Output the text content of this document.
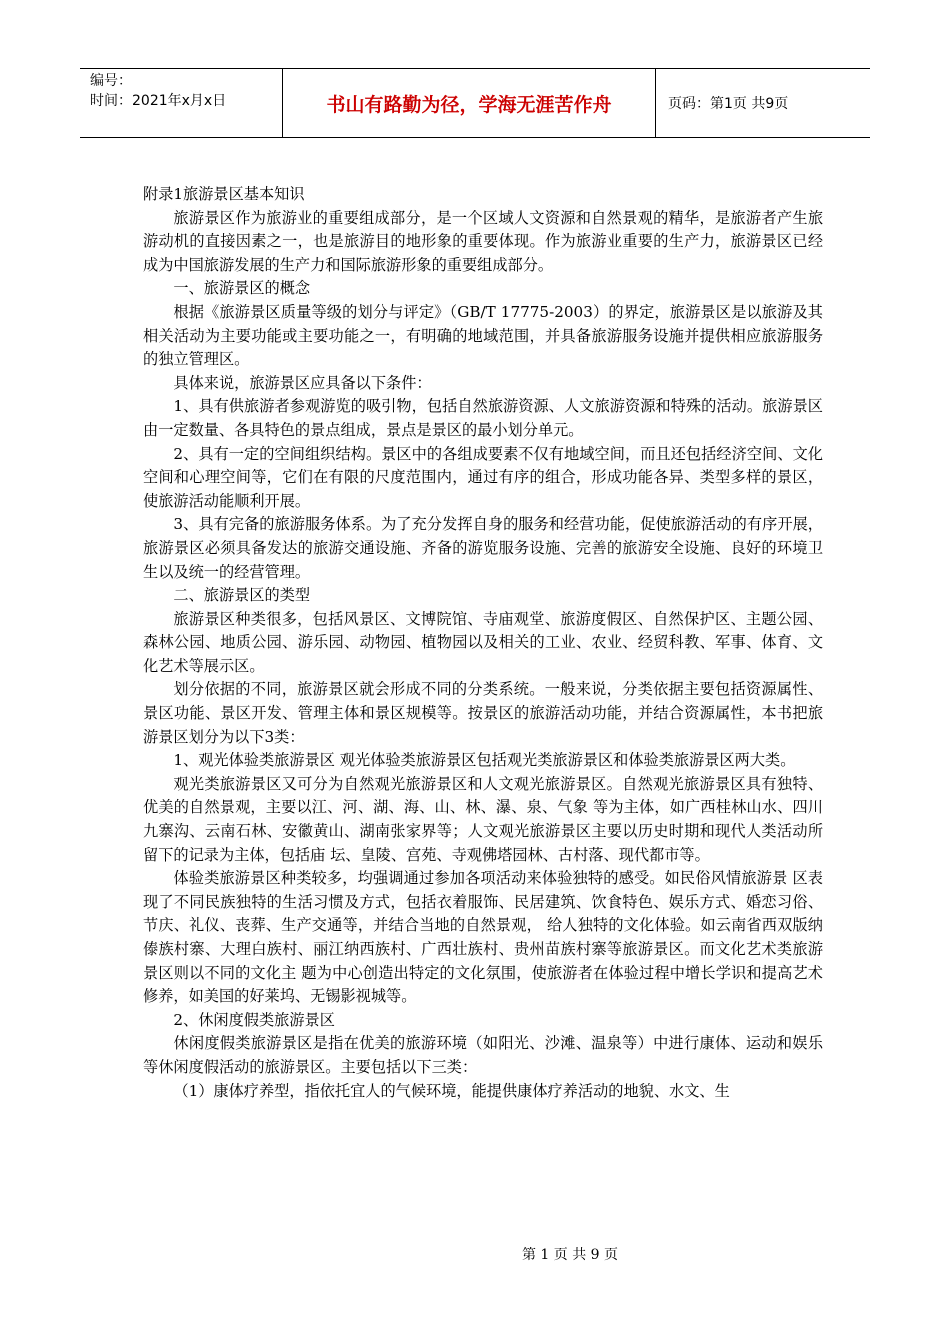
编号：
时间：2021年x月x日	书山有路勤为径，学海无涯苦作舟	页码：第1页 共9页

附录1旅游景区基本知识

旅游景区作为旅游业的重要组成部分，是一个区域人文资源和自然景观的精华，是旅游者产生旅游动机的直接因素之一，也是旅游目的地形象的重要体现。作为旅游业重要的生产力，旅游景区已经成为中国旅游发展的生产力和国际旅游形象的重要组成部分。

一、旅游景区的概念

根据《旅游景区质量等级的划分与评定》（GB/T 17775-2003）的界定，旅游景区是以旅游及其相关活动为主要功能或主要功能之一，有明确的地域范围，并具备旅游服务设施并提供相应旅游服务的独立管理区。

具体来说，旅游景区应具备以下条件：

1、具有供旅游者参观游览的吸引物，包括自然旅游资源、人文旅游资源和特殊的活动。旅游景区由一定数量、各具特色的景点组成，景点是景区的最小划分单元。

2、具有一定的空间组织结构。景区中的各组成要素不仅有地域空间，而且还包括经济空间、文化空间和心理空间等，它们在有限的尺度范围内，通过有序的组合，形成功能各异、类型多样的景区，使旅游活动能顺利开展。

3、具有完备的旅游服务体系。为了充分发挥自身的服务和经营功能，促使旅游活动的有序开展，旅游景区必须具备发达的旅游交通设施、齐备的游览服务设施、完善的旅游安全设施、良好的环境卫生以及统一的经营管理。

二、旅游景区的类型

旅游景区种类很多，包括风景区、文博院馆、寺庙观堂、旅游度假区、自然保护区、主题公园、森林公园、地质公园、游乐园、动物园、植物园以及相关的工业、农业、经贸科教、军事、体育、文化艺术等展示区。

划分依据的不同，旅游景区就会形成不同的分类系统。一般来说，分类依据主要包括资源属性、景区功能、景区开发、管理主体和景区规模等。按景区的旅游活动功能，并结合资源属性，本书把旅游景区划分为以下3类：

1、观光体验类旅游景区 观光体验类旅游景区包括观光类旅游景区和体验类旅游景区两大类。

观光类旅游景区又可分为自然观光旅游景区和人文观光旅游景区。自然观光旅游景区具有独特、优美的自然景观，主要以江、河、湖、海、山、林、瀑、泉、气象 等为主体，如广西桂林山水、四川九寨沟、云南石林、安徽黄山、湖南张家界等；人文观光旅游景区主要以历史时期和现代人类活动所留下的记录为主体，包括庙 坛、皇陵、宫苑、寺观佛塔园林、古村落、现代都市等。

体验类旅游景区种类较多，均强调通过参加各项活动来体验独特的感受。如民俗风情旅游景 区表现了不同民族独特的生活习惯及方式，包括衣着服饰、民居建筑、饮食特色、娱乐方式、婚恋习俗、节庆、礼仪、丧葬、生产交通等，并结合当地的自然景观， 给人独特的文化体验。如云南省西双版纳傣族村寨、大理白族村、丽江纳西族村、广西壮族村、贵州苗族村寨等旅游景区。而文化艺术类旅游景区则以不同的文化主 题为中心创造出特定的文化氛围，使旅游者在体验过程中增长学识和提高艺术修养，如美国的好莱坞、无锡影视城等。

2、休闲度假类旅游景区

休闲度假类旅游景区是指在优美的旅游环境（如阳光、沙滩、温泉等）中进行康体、运动和娱乐等休闲度假活动的旅游景区。主要包括以下三类：

（1）康体疗养型，指依托宜人的气候环境，能提供康体疗养活动的地貌、水文、生

第 1 页 共 9 页
